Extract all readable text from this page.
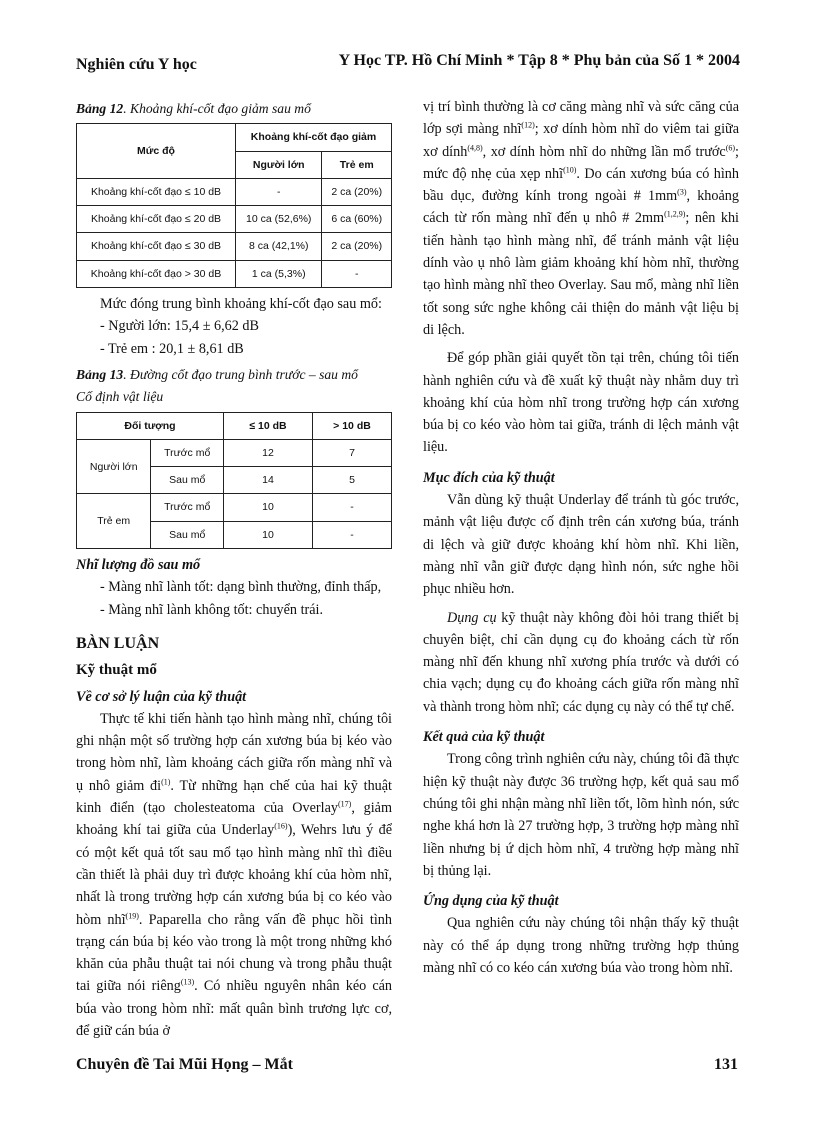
Nghiên cứu Y học	Y Học TP. Hồ Chí Minh * Tập 8 * Phụ bản của Số 1 * 2004
Bảng 12. Khoảng khí-cốt đạo giảm sau mổ
Mức độ	Khoảng khí-cốt đạo giảm	
	Người lớn	Trẻ em
Khoảng khí-cốt đạo ≤ 10 dB	-	2 ca (20%)
Khoảng khí-cốt đạo ≤ 20 dB	10 ca (52,6%)	6 ca (60%)
Khoảng khí-cốt đạo ≤ 30 dB	8 ca (42,1%)	2 ca (20%)
Khoảng khí-cốt đạo > 30 dB	1 ca (5,3%)	-

Mức đóng trung bình khoảng khí-cốt đạo sau mổ:

- Người lớn: 15,4 ± 6,62 dB

- Trẻ em : 20,1 ± 8,61 dB

Bảng 13. Đường cốt đạo trung bình trước – sau mổ
Cố định vật liệu
Đối tượng		≤ 10 dB	> 10 dB
Người lớn	Trước mổ	12	7
	Sau mổ	14	5
Trẻ em	Trước mổ	10	-
	Sau mổ	10	-
Nhĩ lượng đồ sau mổ

- Màng nhĩ lành tốt: dạng bình thường, đỉnh thấp,

- Màng nhĩ lành không tốt: chuyển trái.

BÀN LUẬN
Kỹ thuật mổ
Về cơ sở lý luận của kỹ thuật

Thực tế khi tiến hành tạo hình màng nhĩ, chúng tôi ghi nhận một số trường hợp cán xương búa bị kéo vào trong hòm nhĩ, làm khoảng cách giữa rốn màng nhĩ và ụ nhô giảm $đi^{(1)}$. Từ những hạn chế của hai kỹ thuật kinh điển (tạo cholesteatoma của Overlay$^{(17)}$, giảm khoảng khí tai giữa của Underlay$^{(16)}$), Wehrs lưu ý để có một kết quả tốt sau mổ tạo hình màng nhĩ thì điều cần thiết là phải duy trì được khoảng khí của hòm nhĩ, nhất là trong trường hợp cán xương búa bị co kéo vào hòm nhĩ$^{(19)}$. Paparella cho rằng vấn đề phục hồi tình trạng cán búa bị kéo vào trong là một trong những khó khăn của phẫu thuật tai nói chung và trong phẫu thuật tai giữa nói riêng$^{(13)}$. Có nhiều nguyên nhân kéo cán búa vào trong hòm nhĩ: mất quân bình trương lực cơ, để giữ cán búa ở

vị trí bình thường là cơ căng màng nhĩ và sức căng của lớp sợi màng nhĩ$^{(12)}$; xơ dính hòm nhĩ do viêm tai giữa xơ dính$^{(4,8)}$, xơ dính hòm nhĩ do những lần mổ trước$^{(6)}$; mức độ nhẹ của xẹp nhĩ$^{(10)}$. Do cán xương búa có hình bầu dục, đường kính trong ngoài # $1mm^{(3)}$, khoảng cách từ rốn màng nhĩ đến ụ nhô # 2mm$^{(1,2,9)}$; nên khi tiến hành tạo hình màng nhĩ, để tránh mảnh vật liệu dính vào ụ nhô làm giảm khoảng khí hòm nhĩ, thường tạo hình màng nhĩ theo Overlay. Sau mổ, màng nhĩ liền tốt song sức nghe không cải thiện do mảnh vật liệu bị di lệch.

Để góp phần giải quyết tồn tại trên, chúng tôi tiến hành nghiên cứu và đề xuất kỹ thuật này nhằm duy trì khoảng khí của hòm nhĩ trong trường hợp cán xương búa bị co kéo vào hòm tai giữa, tránh di lệch mảnh vật liệu.

Mục đích của kỹ thuật

Vẫn dùng kỹ thuật Underlay để tránh tù góc trước, mảnh vật liệu được cố định trên cán xương búa, tránh di lệch và giữ được khoảng khí hòm nhĩ. Khi liền, màng nhĩ vẫn giữ được dạng hình nón, sức nghe hồi phục nhiều hơn.

Dụng cụ kỹ thuật này không đòi hỏi trang thiết bị chuyên biệt, chỉ cần dụng cụ đo khoảng cách từ rốn màng nhĩ đến khung nhĩ xương phía trước và dưới có chia vạch; dụng cụ đo khoảng cách giữa rốn màng nhĩ và thành trong hòm nhĩ; các dụng cụ này có thể tự chế.

Kết quả của kỹ thuật

Trong công trình nghiên cứu này, chúng tôi đã thực hiện kỹ thuật này được 36 trường hợp, kết quả sau mổ chúng tôi ghi nhận màng nhĩ liền tốt, lõm hình nón, sức nghe khá hơn là 27 trường hợp, 3 trường hợp màng nhĩ liền nhưng bị ứ dịch hòm nhĩ, 4 trường hợp màng nhĩ bị thủng lại.

Ứng dụng của kỹ thuật

Qua nghiên cứu này chúng tôi nhận thấy kỹ thuật này có thể áp dụng trong những trường hợp thủng màng nhĩ có co kéo cán xương búa vào trong hòm nhĩ.

Chuyên đề Tai Mũi Họng – Mắt	131
